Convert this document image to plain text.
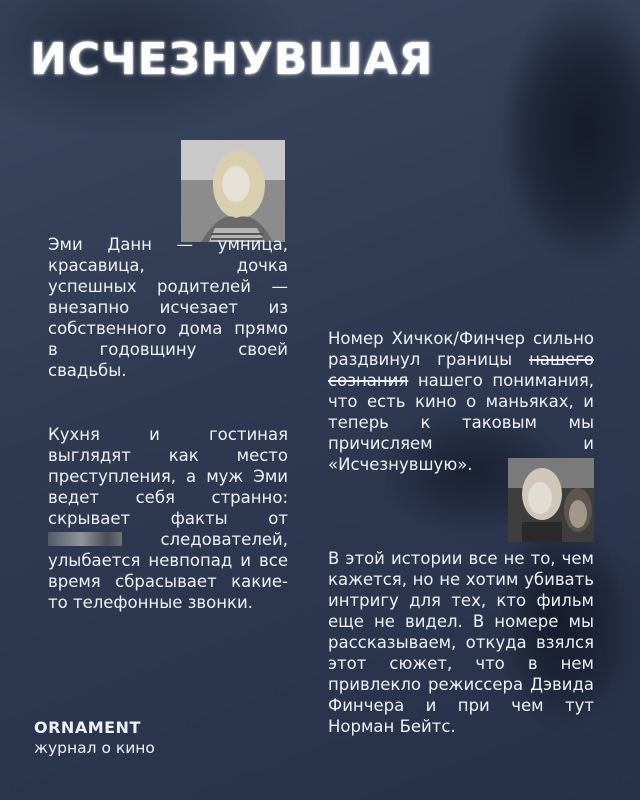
ИСЧЕЗНУВШАЯ

Эми Данн — умница, красавица, дочка успешных родителей — внезапно исчезает из собственного дома прямо в годовщину своей свадьбы.

Кухня и гостиная выглядят как место преступления, а муж Эми ведет себя странно: скрывает факты от  следователей, улыбается невпопад и все время сбрасывает какие-то телефонные звонки.

Номер Хичкок/Финчер сильно раздвинул границы нашего сознания нашего понимания, что есть кино о маньяках, и теперь к таковым мы причисляем и «Исчезнувшую».

В этой истории все не то, чем кажется, но не хотим убивать интригу для тех, кто фильм еще не видел. В номере мы рассказываем, откуда взялся этот сюжет, что в нем привлекло режиссера Дэвида Финчера и при чем тут Норман Бейтс.

ORNAMENT
журнал о кино
